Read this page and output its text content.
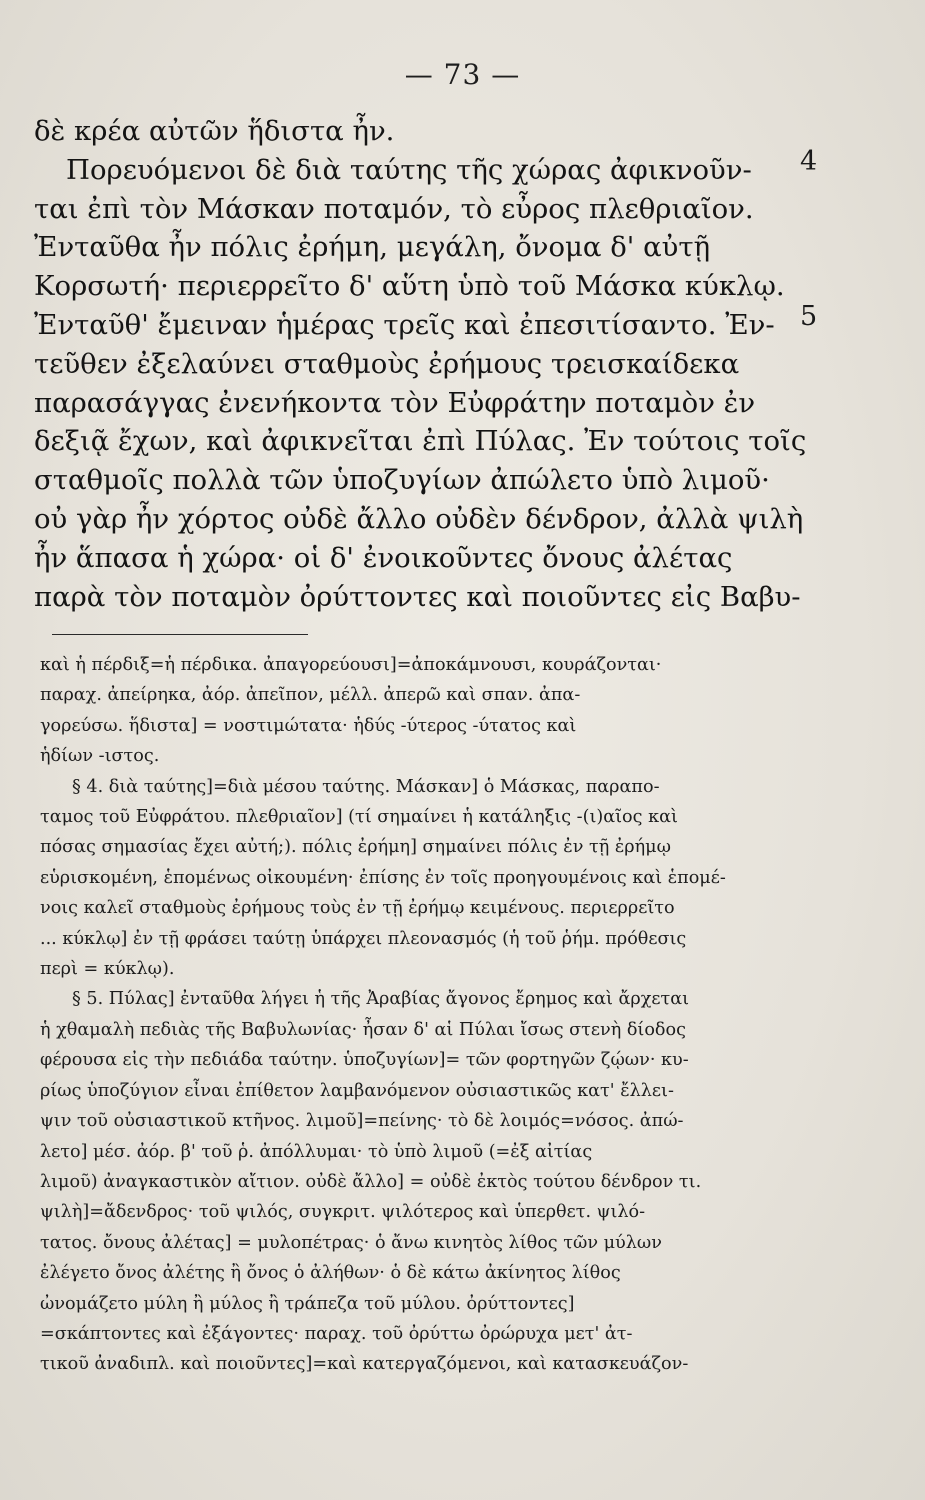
— 73 —
δὲ κρέα αὐτῶν ἥδιστα ἦν.
Πορευόμενοι δὲ διὰ ταύτης τῆς χώρας ἀφικνοῦν-
ται ἐπὶ τὸν Μάσκαν ποταμόν, τὸ εὖρος πλεθριαῖον.
Ἐνταῦθα ἦν πόλις ἐρήμη, μεγάλη, ὄνομα δ' αὐτῇ
Κορσωτή· περιερρεῖτο δ' αὕτη ὑπὸ τοῦ Μάσκα κύκλῳ.
Ἐνταῦθ' ἔμειναν ἡμέρας τρεῖς καὶ ἐπεσιτίσαντο. Ἐν-
τεῦθεν ἐξελαύνει σταθμοὺς ἐρήμους τρεισκαίδεκα
παρασάγγας ἐνενήκοντα τὸν Εὐφράτην ποταμὸν ἐν
δεξιᾷ ἔχων, καὶ ἀφικνεῖται ἐπὶ Πύλας. Ἐν τούτοις τοῖς
σταθμοῖς πολλὰ τῶν ὑποζυγίων ἀπώλετο ὑπὸ λιμοῦ·
οὐ γὰρ ἦν χόρτος οὐδὲ ἄλλο οὐδὲν δένδρον, ἀλλὰ ψιλὴ
ἦν ἅπασα ἡ χώρα· οἱ δ' ἐνοικοῦντες ὄνους ἀλέτας
παρὰ τὸν ποταμὸν ὀρύττοντες καὶ ποιοῦντες εἰς Βαβυ-
4
5
καὶ ἡ πέρδιξ=ἡ πέρδικα. ἀπαγορεύουσι]=ἀποκάμνουσι, κουράζονται·
παραχ. ἀπείρηκα, ἀόρ. ἀπεῖπον, μέλλ. ἀπερῶ καὶ σπαν. ἀπα-
γορεύσω. ἥδιστα] = νοστιμώτατα· ἡδύς -ύτερος -ύτατος καὶ
ἡδίων -ιστος.
§ 4. διὰ ταύτης]=διὰ μέσου ταύτης. Μάσκαν] ὁ Μάσκας, παραπο-
ταμος τοῦ Εὐφράτου. πλεθριαῖον] (τί σημαίνει ἡ κατάληξις -(ι)αῖος καὶ
πόσας σημασίας ἔχει αὐτή;). πόλις ἐρήμη] σημαίνει πόλις ἐν τῇ ἐρήμῳ
εὑρισκομένη, ἑπομένως οἰκουμένη· ἐπίσης ἐν τοῖς προηγουμένοις καὶ ἑπομέ-
νοις καλεῖ σταθμοὺς ἐρήμους τοὺς ἐν τῇ ἐρήμῳ κειμένους. περιερρεῖτο
... κύκλῳ] ἐν τῇ φράσει ταύτῃ ὑπάρχει πλεονασμός (ἡ τοῦ ῥήμ. πρόθεσις
περὶ = κύκλῳ).
§ 5. Πύλας] ἐνταῦθα λήγει ἡ τῆς Ἀραβίας ἄγονος ἔρημος καὶ ἄρχεται
ἡ χθαμαλὴ πεδιὰς τῆς Βαβυλωνίας· ἦσαν δ' αἱ Πύλαι ἴσως στενὴ δίοδος
φέρουσα εἰς τὴν πεδιάδα ταύτην. ὑποζυγίων]= τῶν φορτηγῶν ζῴων· κυ-
ρίως ὑποζύγιον εἶναι ἐπίθετον λαμβανόμενον οὐσιαστικῶς κατ' ἔλλει-
ψιν τοῦ οὐσιαστικοῦ κτῆνος. λιμοῦ]=πείνης· τὸ δὲ λοιμός=νόσος. ἀπώ-
λετο] μέσ. ἀόρ. β' τοῦ ῥ. ἀπόλλυμαι· τὸ ὑπὸ λιμοῦ (=ἐξ αἰτίας
λιμοῦ) ἀναγκαστικὸν αἴτιον. οὐδὲ ἄλλο] = οὐδὲ ἐκτὸς τούτου δένδρον τι.
ψιλὴ]=ἄδενδρος· τοῦ ψιλός, συγκριτ. ψιλότερος καὶ ὑπερθετ. ψιλό-
τατος. ὄνους ἀλέτας] = μυλοπέτρας· ὁ ἄνω κινητὸς λίθος τῶν μύλων
ἐλέγετο ὄνος ἀλέτης ἢ ὄνος ὁ ἀλήθων· ὁ δὲ κάτω ἀκίνητος λίθος
ὠνομάζετο μύλη ἢ μύλος ἢ τράπεζα τοῦ μύλου. ὀρύττοντες]
=σκάπτοντες καὶ ἐξάγοντες· παραχ. τοῦ ὀρύττω ὀρώρυχα μετ' ἀτ-
τικοῦ ἀναδιπλ. καὶ ποιοῦντες]=καὶ κατεργαζόμενοι, καὶ κατασκευάζον-
